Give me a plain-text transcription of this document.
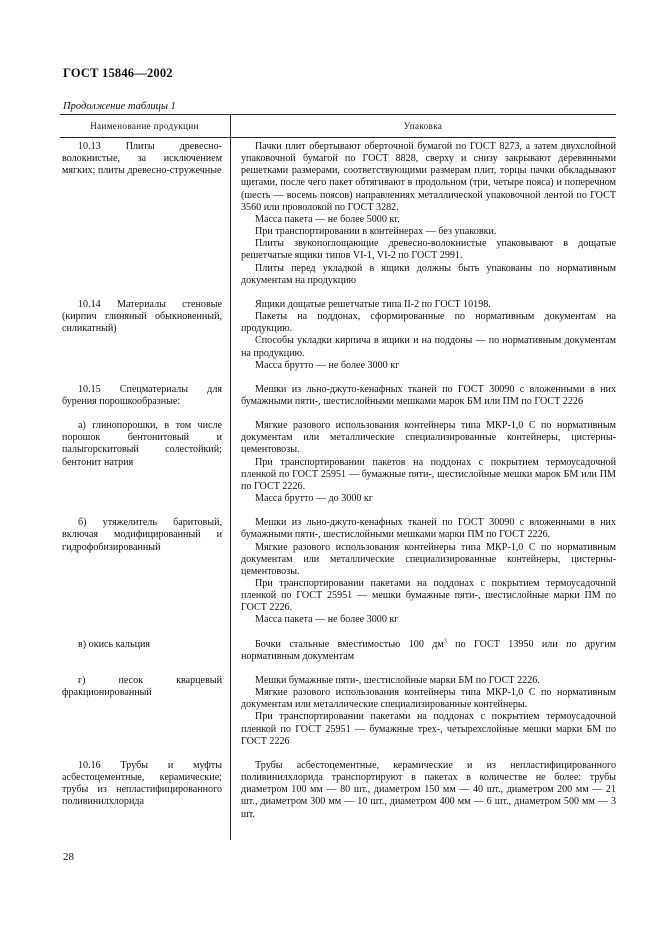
ГОСТ 15846—2002
Продолжение таблицы 1
Наименование продукции	Упаковка
10.13 Плиты древесно-волокнистые, за исключением мягких; плиты древесно-стружечные

Пачки плит обертывают оберточной бумагой по ГОСТ 8273, а затем двухслойной упаковочной бумагой по ГОСТ 8828, сверху и снизу закрывают деревянными решетками размерами, соответствующими размерам плит, торцы пачки обкладывают щитами, после чего пакет обтягивают в продольном (три, четыре пояса) и поперечном (шесть — восемь поясов) направлениях металлической упаковочной лентой по ГОСТ 3560 или проволокой по ГОСТ 3282.

Масса пакета — не более 5000 кг.

При транспортировании в контейнерах — без упаковки.

Плиты звукопоглощающие древесно-волокнистые упаковывают в дощатые решетчатые ящики типов VI-1, VI-2 по ГОСТ 2991.

Плиты перед укладкой в ящики должны быть упакованы по нормативным документам на продукцию

10.14 Материалы стеновые (кирпич глиняный обыкновенный, силикатный)

Ящики дощатые решетчатые типа II-2 по ГОСТ 10198.

Пакеты на поддонах, сформированные по нормативным документам на продукцию.

Способы укладки кирпича в ящики и на поддоны — по нормативным документам на продукцию.

Масса брутто — не более 3000 кг

10.15 Спецматериалы для бурения порошкообразные:

Мешки из льно-джуто-кенафных тканей по ГОСТ 30090 с вложенными в них бумажными пяти-, шестислойными мешками марок БМ или ПМ по ГОСТ 2226

а) глинопорошки, в том числе порошок бентонитовый и палыгорскитовый солестойкий; бентонит натрия

Мягкие разового использования контейнеры типа МКР-1,0 С по нормативным документам или металлические специализированные контейнеры, цистерны-цементовозы.

При транспортировании пакетов на поддонах с покрытием термоусадочной пленкой по ГОСТ 25951 — бумажные пяти-, шестислойные мешки марок БМ или ПМ по ГОСТ 2226.

Масса брутто — до 3000 кг

б) утяжелитель баритовый, включая модифицированный и гидрофобизированный

Мешки из льно-джуто-кенафных тканей по ГОСТ 30090 с вложенными в них бумажными пяти-, шестислойными мешками марки ПМ по ГОСТ 2226.

Мягкие разового использования контейнеры типа МКР-1,0 С по нормативным документам или металлические специализированные контейнеры, цистерны-цементовозы.

При транспортировании пакетами на поддонах с покрытием термоусадочной пленкой по ГОСТ 25951 — мешки бумажные пяти-, шестислойные марки ПМ по ГОСТ 2226.

Масса пакета — не более 3000 кг

в) окись кальция	Бочки стальные вместимостью 100 $дм^3$ по ГОСТ 13950 или по другим нормативным документам

г) песок кварцевый фракционированный

Мешки бумажные пяти-, шестислойные марки БМ по ГОСТ 2226.

Мягкие разового использования контейнеры типа МКР-1,0 С по нормативным документам или металлические специализированные контейнеры.

При транспортировании пакетами на поддонах с покрытием термоусадочной пленкой по ГОСТ 25951 — бумажные трех-, четырехслойные мешки марки БМ по ГОСТ 2226

10.16 Трубы и муфты асбестоцементные, керамические; трубы из непластифицированного поливинилхлорида

Трубы асбестоцементные, керамические и из непластифицированного поливинилхлорида транспортируют в пакетах в количестве не более: трубы диаметром 100 мм — 80 шт., диаметром 150 мм — 40 шт., диаметром 200 мм — 21 шт., диаметром 300 мм — 10 шт., диаметром 400 мм — 6 шт., диаметром 500 мм — 3 шт.

28
